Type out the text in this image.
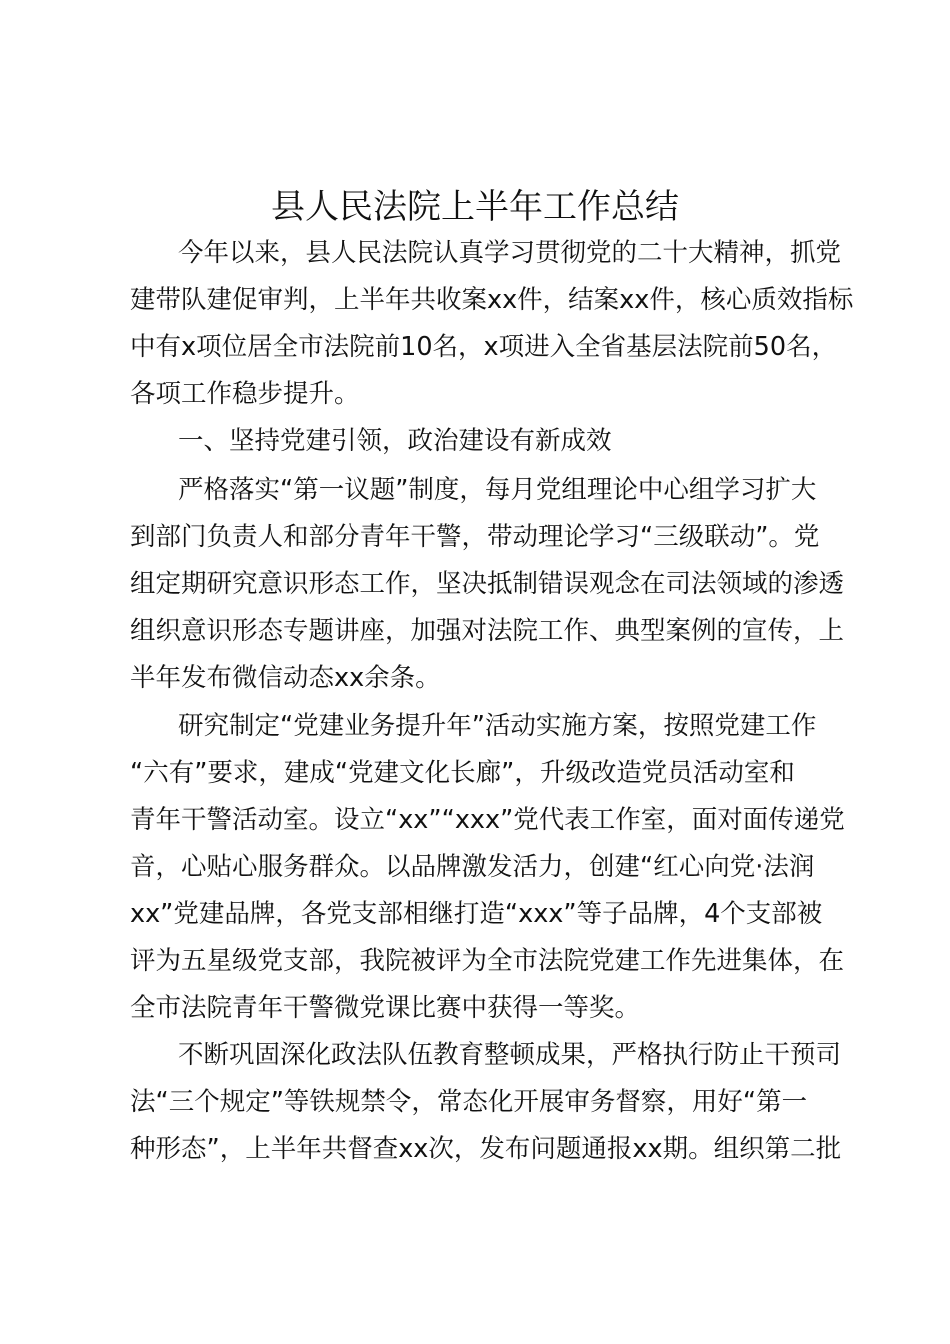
县人民法院上半年工作总结
今年以来，县人民法院认真学习贯彻党的二十大精神，抓党
建带队建促审判，上半年共收案xx件，结案xx件，核心质效指标
中有x项位居全市法院前10名，x项进入全省基层法院前50名，
各项工作稳步提升。
一、坚持党建引领，政治建设有新成效
严格落实“第一议题”制度，每月党组理论中心组学习扩大
到部门负责人和部分青年干警，带动理论学习“三级联动”。党
组定期研究意识形态工作，坚决抵制错误观念在司法领域的渗透
组织意识形态专题讲座，加强对法院工作、典型案例的宣传，上
半年发布微信动态xx余条。
研究制定“党建业务提升年”活动实施方案，按照党建工作
“六有”要求，建成“党建文化长廊”，升级改造党员活动室和
青年干警活动室。设立“xx”“xxx”党代表工作室，面对面传递党
音，心贴心服务群众。以品牌激发活力，创建“红心向党·法润
xx”党建品牌，各党支部相继打造“xxx”等子品牌，4个支部被
评为五星级党支部，我院被评为全市法院党建工作先进集体，在
全市法院青年干警微党课比赛中获得一等奖。
不断巩固深化政法队伍教育整顿成果，严格执行防止干预司
法“三个规定”等铁规禁令，常态化开展审务督察，用好“第一
种形态”，上半年共督查xx次，发布问题通报xx期。组织第二批
